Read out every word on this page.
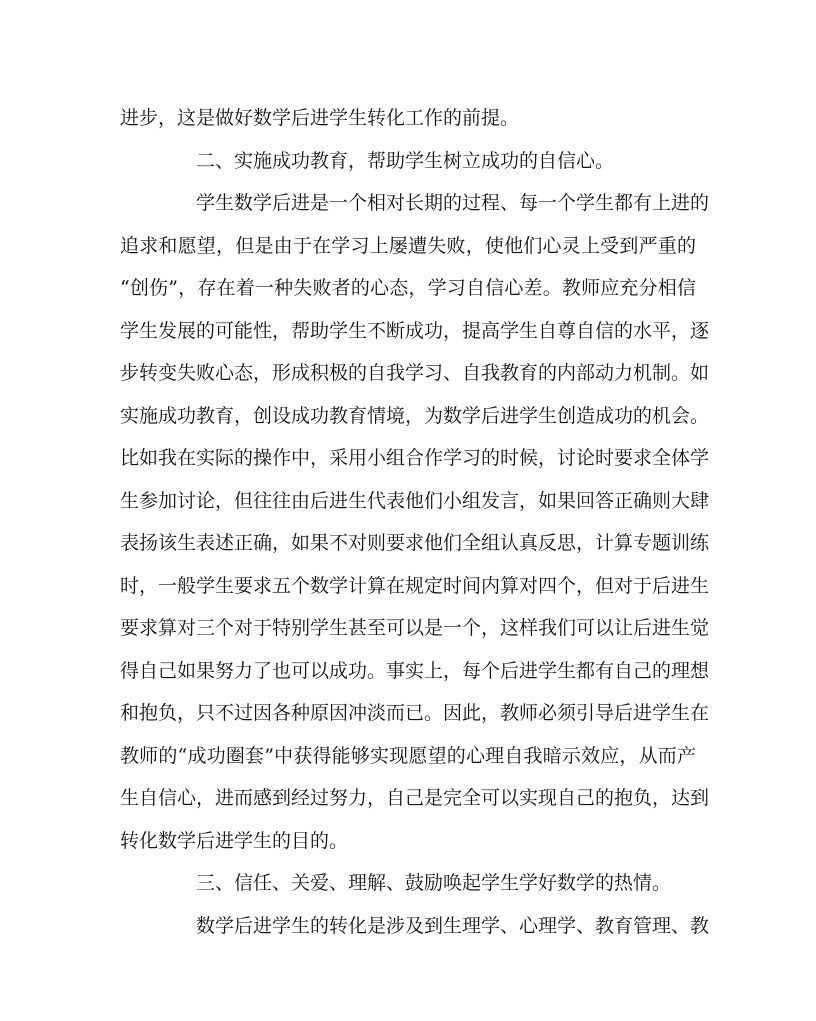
进步，这是做好数学后进学生转化工作的前提。
二、实施成功教育，帮助学生树立成功的自信心。
学生数学后进是一个相对长期的过程、每一个学生都有上进的
追求和愿望，但是由于在学习上屡遭失败，使他们心灵上受到严重的
“创伤”，存在着一种失败者的心态，学习自信心差。教师应充分相信
学生发展的可能性，帮助学生不断成功，提高学生自尊自信的水平，逐
步转变失败心态，形成积极的自我学习、自我教育的内部动力机制。如
实施成功教育，创设成功教育情境，为数学后进学生创造成功的机会。
比如我在实际的操作中，采用小组合作学习的时候，讨论时要求全体学
生参加讨论，但往往由后进生代表他们小组发言，如果回答正确则大肆
表扬该生表述正确，如果不对则要求他们全组认真反思，计算专题训练
时，一般学生要求五个数学计算在规定时间内算对四个，但对于后进生
要求算对三个对于特别学生甚至可以是一个，这样我们可以让后进生觉
得自己如果努力了也可以成功。事实上，每个后进学生都有自己的理想
和抱负，只不过因各种原因冲淡而已。因此，教师必须引导后进学生在
教师的“成功圈套”中获得能够实现愿望的心理自我暗示效应，从而产
生自信心，进而感到经过努力，自己是完全可以实现自己的抱负，达到
转化数学后进学生的目的。
三、信任、关爱、理解、鼓励唤起学生学好数学的热情。
数学后进学生的转化是涉及到生理学、心理学、教育管理、教
